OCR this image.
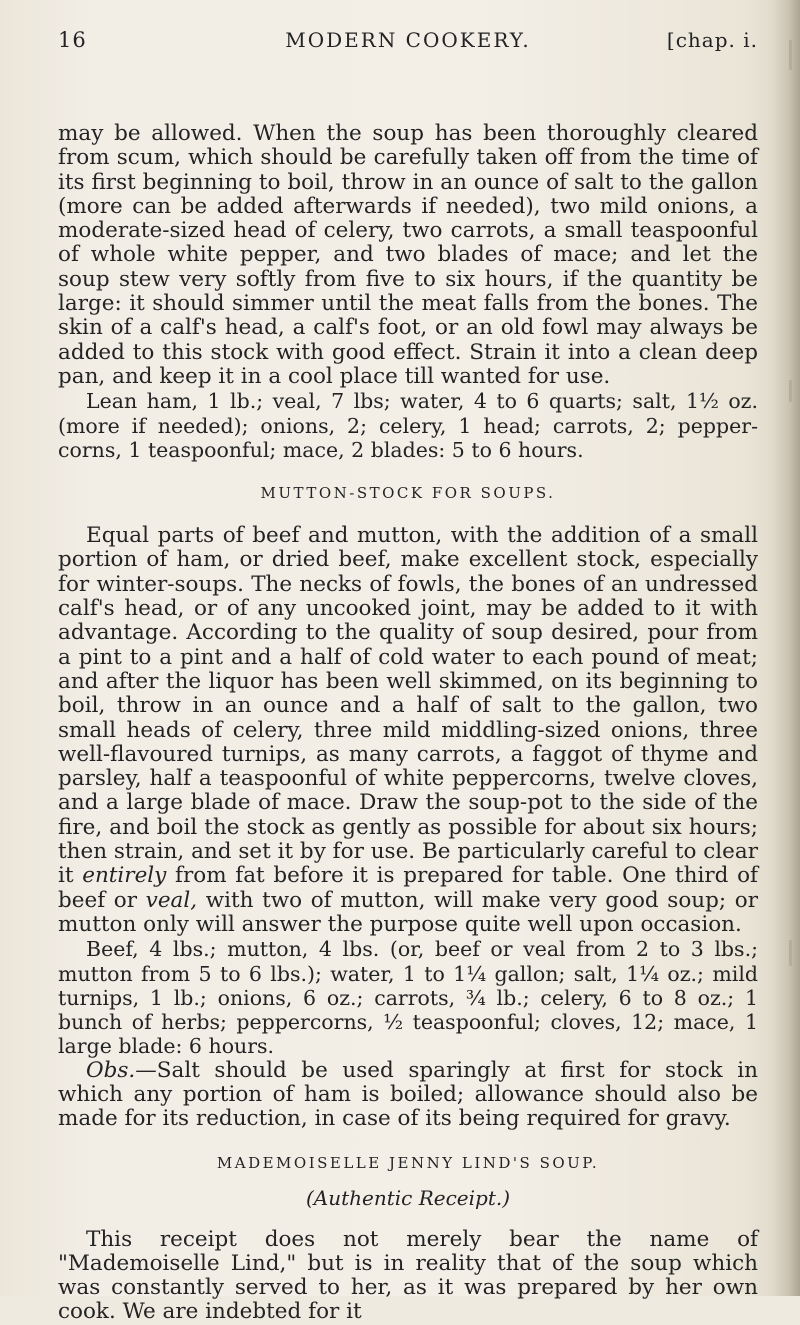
16	MODERN COOKERY.	[chap. i.

may be allowed. When the soup has been thoroughly cleared from scum, which should be carefully taken off from the time of its first beginning to boil, throw in an ounce of salt to the gallon (more can be added afterwards if needed), two mild onions, a moderate-sized head of celery, two carrots, a small teaspoonful of whole white pepper, and two blades of mace; and let the soup stew very softly from five to six hours, if the quantity be large: it should simmer until the meat falls from the bones. The skin of a calf's head, a calf's foot, or an old fowl may always be added to this stock with good effect. Strain it into a clean deep pan, and keep it in a cool place till wanted for use.

Lean ham, 1 lb.; veal, 7 lbs; water, 4 to 6 quarts; salt, 1½ oz. (more if needed); onions, 2; celery, 1 head; carrots, 2; pepper-corns, 1 teaspoonful; mace, 2 blades: 5 to 6 hours.

MUTTON-STOCK FOR SOUPS.

Equal parts of beef and mutton, with the addition of a small portion of ham, or dried beef, make excellent stock, especially for winter-soups. The necks of fowls, the bones of an undressed calf's head, or of any uncooked joint, may be added to it with advantage. According to the quality of soup desired, pour from a pint to a pint and a half of cold water to each pound of meat; and after the liquor has been well skimmed, on its beginning to boil, throw in an ounce and a half of salt to the gallon, two small heads of celery, three mild middling-sized onions, three well-flavoured turnips, as many carrots, a faggot of thyme and parsley, half a teaspoonful of white peppercorns, twelve cloves, and a large blade of mace. Draw the soup-pot to the side of the fire, and boil the stock as gently as possible for about six hours; then strain, and set it by for use. Be particularly careful to clear it entirely from fat before it is prepared for table. One third of beef or veal, with two of mutton, will make very good soup; or mutton only will answer the purpose quite well upon occasion.

Beef, 4 lbs.; mutton, 4 lbs. (or, beef or veal from 2 to 3 lbs.; mutton from 5 to 6 lbs.); water, 1 to 1¼ gallon; salt, 1¼ oz.; mild turnips, 1 lb.; onions, 6 oz.; carrots, ¾ lb.; celery, 6 to 8 oz.; 1 bunch of herbs; peppercorns, ½ teaspoonful; cloves, 12; mace, 1 large blade: 6 hours.

Obs.—Salt should be used sparingly at first for stock in which any portion of ham is boiled; allowance should also be made for its reduction, in case of its being required for gravy.

MADEMOISELLE JENNY LIND'S SOUP.
(Authentic Receipt.)

This receipt does not merely bear the name of "Mademoiselle Lind," but is in reality that of the soup which was constantly served to her, as it was prepared by her own cook. We are indebted for it
